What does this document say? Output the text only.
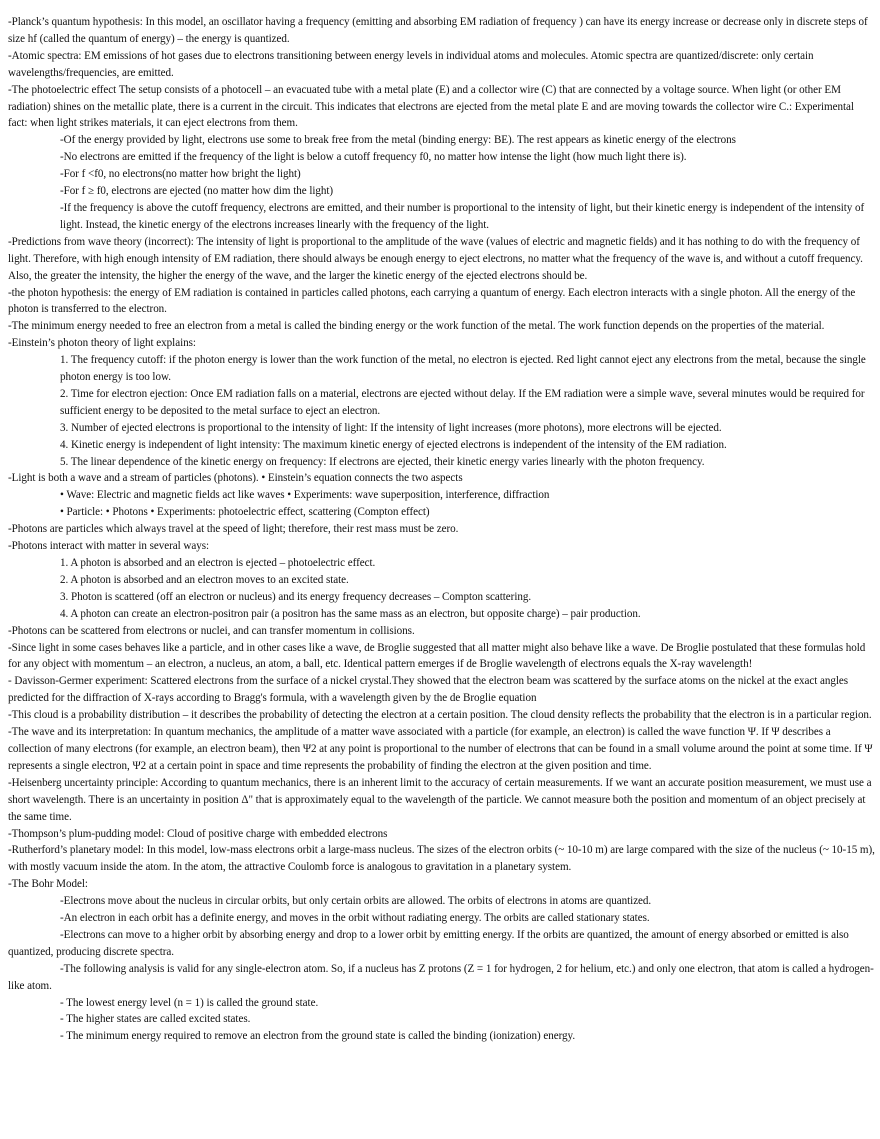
-Planck’s quantum hypothesis: In this model, an oscillator having a frequency (emitting and absorbing EM radiation of frequency ) can have its energy increase or decrease only in discrete steps of size hf (called the quantum of energy) – the energy is quantized.

-Atomic spectra: EM emissions of hot gases due to electrons transitioning between energy levels in individual atoms and molecules. Atomic spectra are quantized/discrete: only certain wavelengths/frequencies, are emitted.

-The photoelectric effect The setup consists of a photocell – an evacuated tube with a metal plate (E) and a collector wire (C) that are connected by a voltage source. When light (or other EM radiation) shines on the metallic plate, there is a current in the circuit. This indicates that electrons are ejected from the metal plate E and are moving towards the collector wire C.: Experimental fact: when light strikes materials, it can eject electrons from them.

-Of the energy provided by light, electrons use some to break free from the metal (binding energy: BE). The rest appears as kinetic energy of the electrons

-No electrons are emitted if the frequency of the light is below a cutoff frequency f0, no matter how intense the light (how much light there is).

-For f <f0, no electrons(no matter how bright the light)

-For f ≥ f0, electrons are ejected (no matter how dim the light)

-If the frequency is above the cutoff frequency, electrons are emitted, and their number is proportional to the intensity of light, but their kinetic energy is independent of the intensity of light. Instead, the kinetic energy of the electrons increases linearly with the frequency of the light.

-Predictions from wave theory (incorrect): The intensity of light is proportional to the amplitude of the wave (values of electric and magnetic fields) and it has nothing to do with the frequency of light. Therefore, with high enough intensity of EM radiation, there should always be enough energy to eject electrons, no matter what the frequency of the wave is, and without a cutoff frequency. Also, the greater the intensity, the higher the energy of the wave, and the larger the kinetic energy of the ejected electrons should be.

-the photon hypothesis: the energy of EM radiation is contained in particles called photons, each carrying a quantum of energy. Each electron interacts with a single photon. All the energy of the photon is transferred to the electron.

-The minimum energy needed to free an electron from a metal is called the binding energy or the work function of the metal. The work function depends on the properties of the material.

-Einstein’s photon theory of light explains:

1. The frequency cutoff: if the photon energy is lower than the work function of the metal, no electron is ejected. Red light cannot eject any electrons from the metal, because the single photon energy is too low.

2. Time for electron ejection: Once EM radiation falls on a material, electrons are ejected without delay. If the EM radiation were a simple wave, several minutes would be required for sufficient energy to be deposited to the metal surface to eject an electron.

3. Number of ejected electrons is proportional to the intensity of light: If the intensity of light increases (more photons), more electrons will be ejected.

4. Kinetic energy is independent of light intensity: The maximum kinetic energy of ejected electrons is independent of the intensity of the EM radiation.

5. The linear dependence of the kinetic energy on frequency: If electrons are ejected, their kinetic energy varies linearly with the photon frequency.

-Light is both a wave and a stream of particles (photons). • Einstein’s equation connects the two aspects

• Wave: Electric and magnetic fields act like waves • Experiments: wave superposition, interference, diffraction

• Particle: • Photons • Experiments: photoelectric effect, scattering (Compton effect)

-Photons are particles which always travel at the speed of light; therefore, their rest mass must be zero.

-Photons interact with matter in several ways:

1. A photon is absorbed and an electron is ejected – photoelectric effect.

2. A photon is absorbed and an electron moves to an excited state.

3. Photon is scattered (off an electron or nucleus) and its energy frequency decreases – Compton scattering.

4. A photon can create an electron-positron pair (a positron has the same mass as an electron, but opposite charge) – pair production.

-Photons can be scattered from electrons or nuclei, and can transfer momentum in collisions.

-Since light in some cases behaves like a particle, and in other cases like a wave, de Broglie suggested that all matter might also behave like a wave. De Broglie postulated that these formulas hold for any object with momentum – an electron, a nucleus, an atom, a ball, etc. Identical pattern emerges if de Broglie wavelength of electrons equals the X-ray wavelength!

- Davisson-Germer experiment: Scattered electrons from the surface of a nickel crystal.They showed that the electron beam was scattered by the surface atoms on the nickel at the exact angles predicted for the diffraction of X-rays according to Bragg's formula, with a wavelength given by the de Broglie equation

-This cloud is a probability distribution – it describes the probability of detecting the electron at a certain position. The cloud density reflects the probability that the electron is in a particular region.

-The wave and its interpretation: In quantum mechanics, the amplitude of a matter wave associated with a particle (for example, an electron) is called the wave function Ψ. If Ψ describes a collection of many electrons (for example, an electron beam), then Ψ2 at any point is proportional to the number of electrons that can be found in a small volume around the point at some time. If Ψ represents a single electron, Ψ2 at a certain point in space and time represents the probability of finding the electron at the given position and time.

-Heisenberg uncertainty principle: According to quantum mechanics, there is an inherent limit to the accuracy of certain measurements. If we want an accurate position measurement, we must use a short wavelength. There is an uncertainty in position Δ" that is approximately equal to the wavelength of the particle. We cannot measure both the position and momentum of an object precisely at the same time.

-Thompson’s plum-pudding model: Cloud of positive charge with embedded electrons

-Rutherford’s planetary model: In this model, low-mass electrons orbit a large-mass nucleus. The sizes of the electron orbits (~ 10-10 m) are large compared with the size of the nucleus (~ 10-15 m), with mostly vacuum inside the atom. In the atom, the attractive Coulomb force is analogous to gravitation in a planetary system.

-The Bohr Model:

-Electrons move about the nucleus in circular orbits, but only certain orbits are allowed. The orbits of electrons in atoms are quantized.

-An electron in each orbit has a definite energy, and moves in the orbit without radiating energy. The orbits are called stationary states.

-Electrons can move to a higher orbit by absorbing energy and drop to a lower orbit by emitting energy. If the orbits are quantized, the amount of energy absorbed or emitted is also quantized, producing discrete spectra.

-The following analysis is valid for any single-electron atom. So, if a nucleus has Z protons (Z = 1 for hydrogen, 2 for helium, etc.) and only one electron, that atom is called a hydrogen-like atom.

- The lowest energy level (n = 1) is called the ground state.

- The higher states are called excited states.

- The minimum energy required to remove an electron from the ground state is called the binding (ionization) energy.
